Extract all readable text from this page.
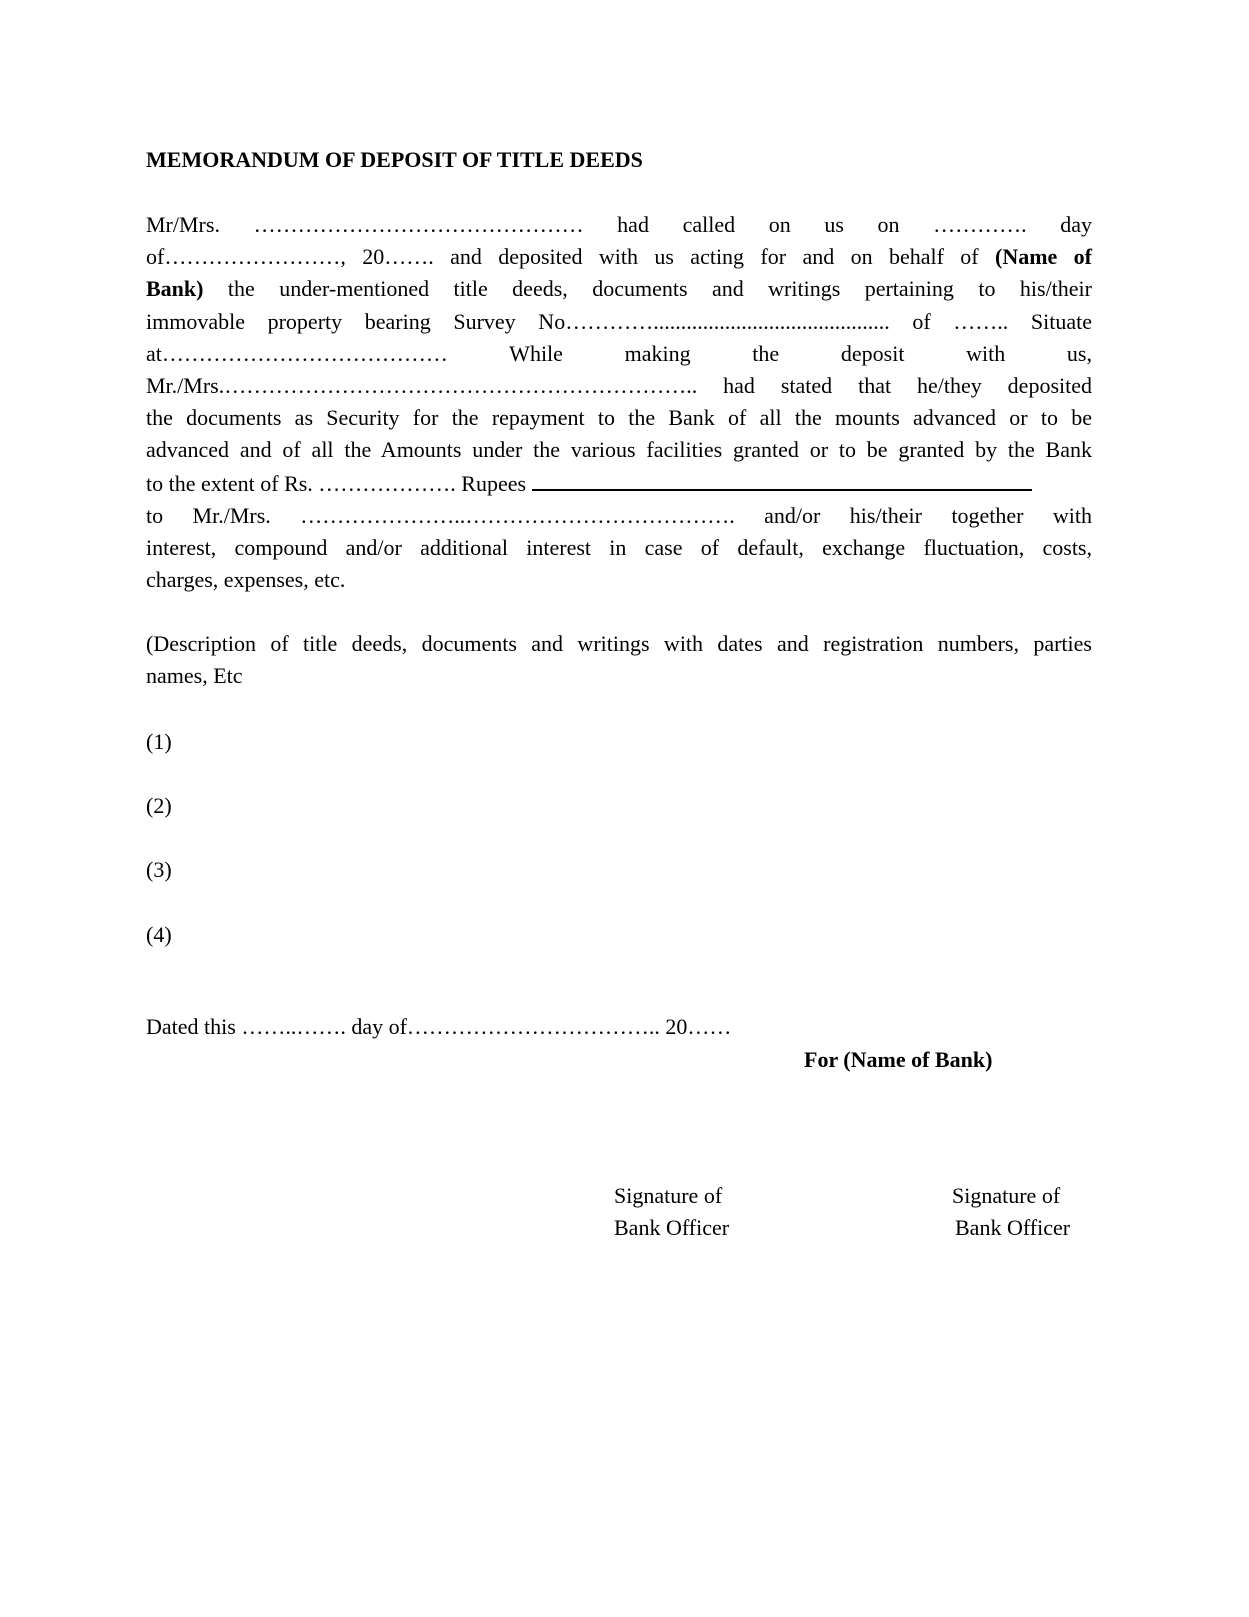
MEMORANDUM OF DEPOSIT OF TITLE DEEDS
Mr/Mrs. ……………………………………… had called on us on …………. day
of……………………, 20……. and deposited with us acting for and on behalf of (Name of
Bank) the under-mentioned title deeds, documents and writings pertaining to his/their
immovable property bearing Survey No…………........................................... of …….. Situate
at………………………………… While making the deposit with us,
Mr./Mrs.……………………………………………………….. had stated that he/they deposited
the documents as Security for the repayment to the Bank of all the mounts advanced or to be
advanced and of all the Amounts under the various facilities granted or to be granted by the Bank
to the extent of Rs. ………………. Rupees
to Mr./Mrs. …………………..………………………………. and/or his/their together with
interest, compound and/or additional interest in case of default, exchange fluctuation, costs,
charges, expenses, etc.
(Description of title deeds, documents and writings with dates and registration numbers, parties
names, Etc

(1)

(2)

(3)

(4)

Dated this ……..……. day of…………………………….. 20……

For (Name of Bank)

Signature of
Bank Officer
Signature of
Bank Officer
